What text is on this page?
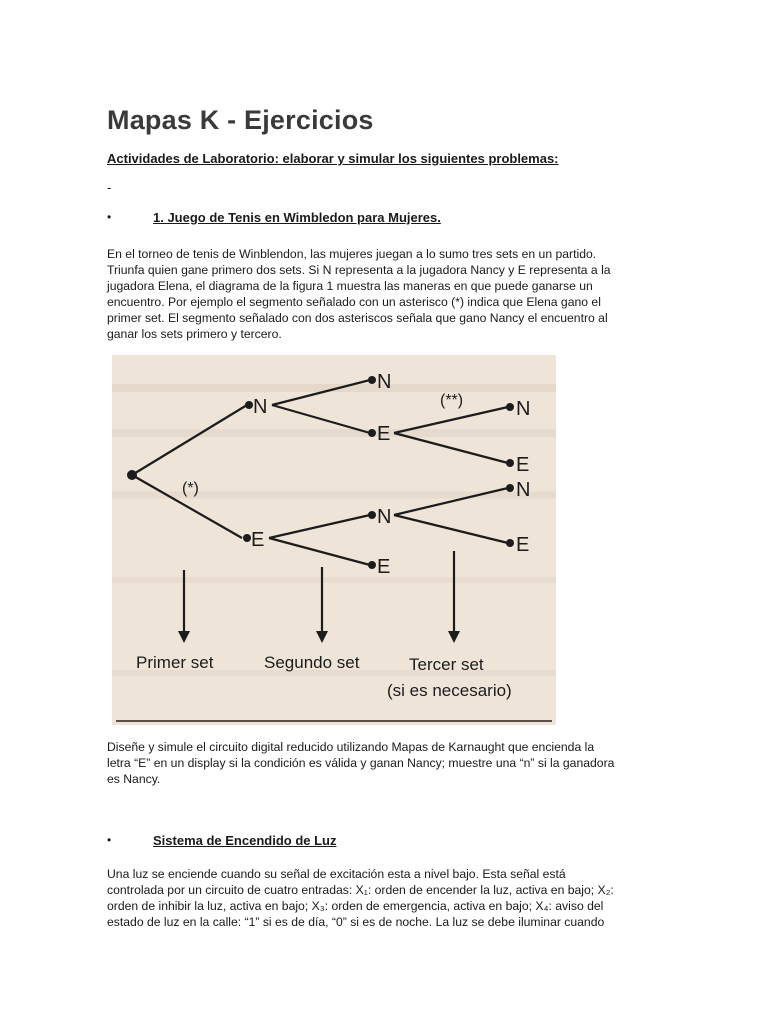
Mapas K - Ejercicios

Actividades de Laboratorio: elaborar y simular los siguientes problemas:

-
•	1. Juego de Tenis en Wimbledon para Mujeres.

En el torneo de tenis de Winblendon, las mujeres juegan a lo sumo tres sets en un partido.
Triunfa quien gane primero dos sets. Si N representa a la jugadora Nancy y E representa a la
jugadora Elena, el diagrama de la figura 1 muestra las maneras en que puede ganarse un
encuentro. Por ejemplo el segmento señalado con un asterisco (*) indica que Elena gano el
primer set. El segmento señalado con dos asteriscos señala que gano Nancy el encuentro al
ganar los sets primero y tercero.

N
N
E
N
E
E
N
E
N
E
(*)
(**)
Primer set	Segundo set	Tercer set
(si es necesario)

Diseñe y simule el circuito digital reducido utilizando Mapas de Karnaught que encienda la
letra “E” en un display si la condición es válida y ganan Nancy; muestre una “n” si la ganadora
es Nancy.

•	Sistema de Encendido de Luz

Una luz se enciende cuando su señal de excitación esta a nivel bajo. Esta señal está
controlada por un circuito de cuatro entradas: X₁: orden de encender la luz, activa en bajo; X₂:
orden de inhibir la luz, activa en bajo; X₃: orden de emergencia, activa en bajo; X₄: aviso del
estado de luz en la calle: “1” si es de día, “0” si es de noche. La luz se debe iluminar cuando
